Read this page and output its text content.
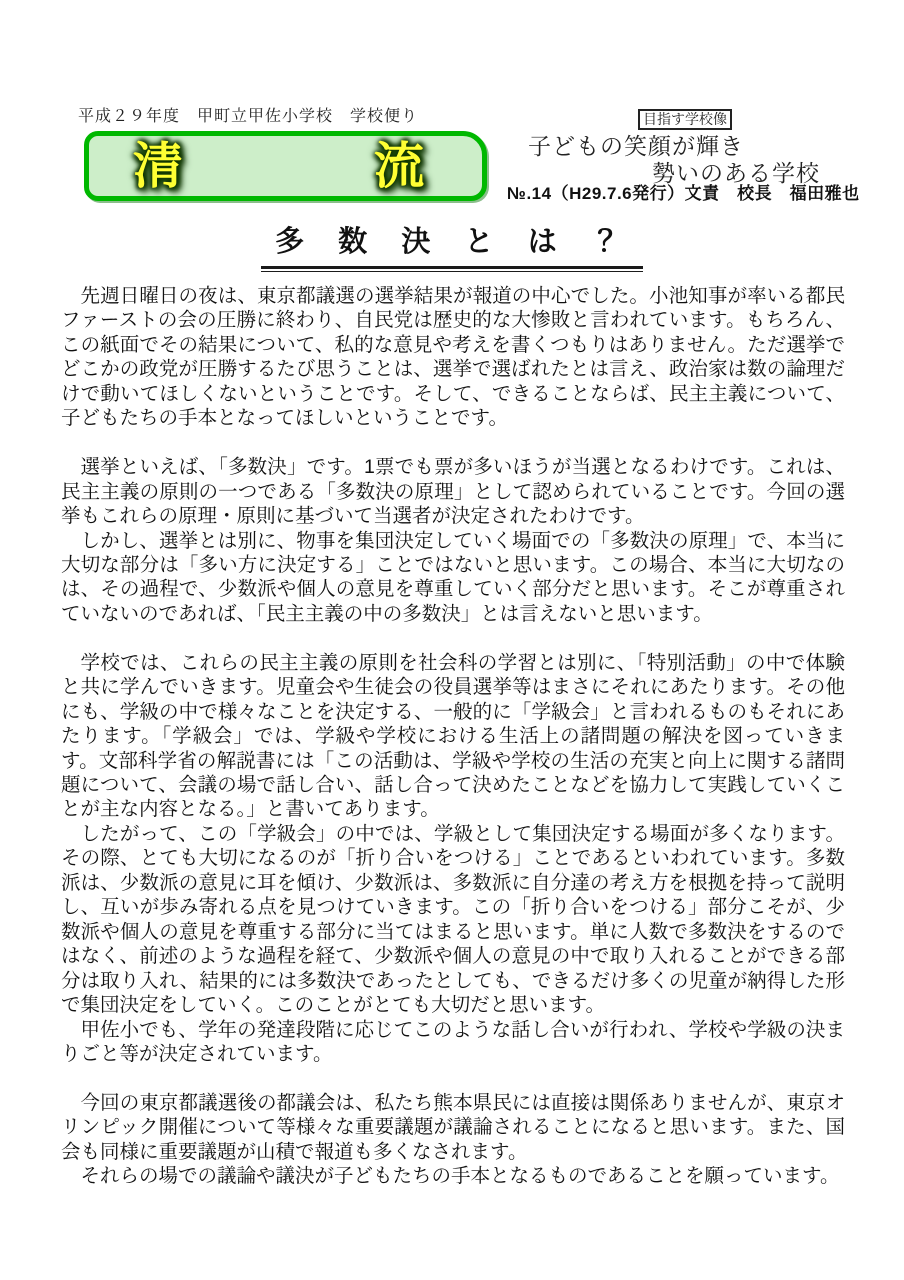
平成２９年度　甲町立甲佐小学校　学校便り
清	流
目指す学校像
子どもの笑顔が輝き
勢いのある学校
№.14（H29.7.6発行）文責　校長　福田雅也
多 数 決 と は ？

先週日曜日の夜は、東京都議選の選挙結果が報道の中心でした。小池知事が率いる都民ファーストの会の圧勝に終わり、自民党は歴史的な大惨敗と言われています。もちろん、この紙面でその結果について、私的な意見や考えを書くつもりはありません。ただ選挙でどこかの政党が圧勝するたび思うことは、選挙で選ばれたとは言え、政治家は数の論理だけで動いてほしくないということです。そして、できることならば、民主主義について、子どもたちの手本となってほしいということです。

選挙といえば、「多数決」です。1票でも票が多いほうが当選となるわけです。これは、民主主義の原則の一つである「多数決の原理」として認められていることです。今回の選挙もこれらの原理・原則に基づいて当選者が決定されたわけです。

しかし、選挙とは別に、物事を集団決定していく場面での「多数決の原理」で、本当に大切な部分は「多い方に決定する」ことではないと思います。この場合、本当に大切なのは、その過程で、少数派や個人の意見を尊重していく部分だと思います。そこが尊重されていないのであれば、「民主主義の中の多数決」とは言えないと思います。

学校では、これらの民主主義の原則を社会科の学習とは別に、「特別活動」の中で体験と共に学んでいきます。児童会や生徒会の役員選挙等はまさにそれにあたります。その他にも、学級の中で様々なことを決定する、一般的に「学級会」と言われるものもそれにあたります。「学級会」では、学級や学校における生活上の諸問題の解決を図っていきます。文部科学省の解説書には「この活動は、学級や学校の生活の充実と向上に関する諸問題について、会議の場で話し合い、話し合って決めたことなどを協力して実践していくことが主な内容となる。」と書いてあります。

したがって、この「学級会」の中では、学級として集団決定する場面が多くなります。その際、とても大切になるのが「折り合いをつける」ことであるといわれています。多数派は、少数派の意見に耳を傾け、少数派は、多数派に自分達の考え方を根拠を持って説明し、互いが歩み寄れる点を見つけていきます。この「折り合いをつける」部分こそが、少数派や個人の意見を尊重する部分に当てはまると思います。単に人数で多数決をするのではなく、前述のような過程を経て、少数派や個人の意見の中で取り入れることができる部分は取り入れ、結果的には多数決であったとしても、できるだけ多くの児童が納得した形で集団決定をしていく。このことがとても大切だと思います。

甲佐小でも、学年の発達段階に応じてこのような話し合いが行われ、学校や学級の決まりごと等が決定されています。

今回の東京都議選後の都議会は、私たち熊本県民には直接は関係ありませんが、東京オリンピック開催について等様々な重要議題が議論されることになると思います。また、国会も同様に重要議題が山積で報道も多くなされます。

それらの場での議論や議決が子どもたちの手本となるものであることを願っています。
